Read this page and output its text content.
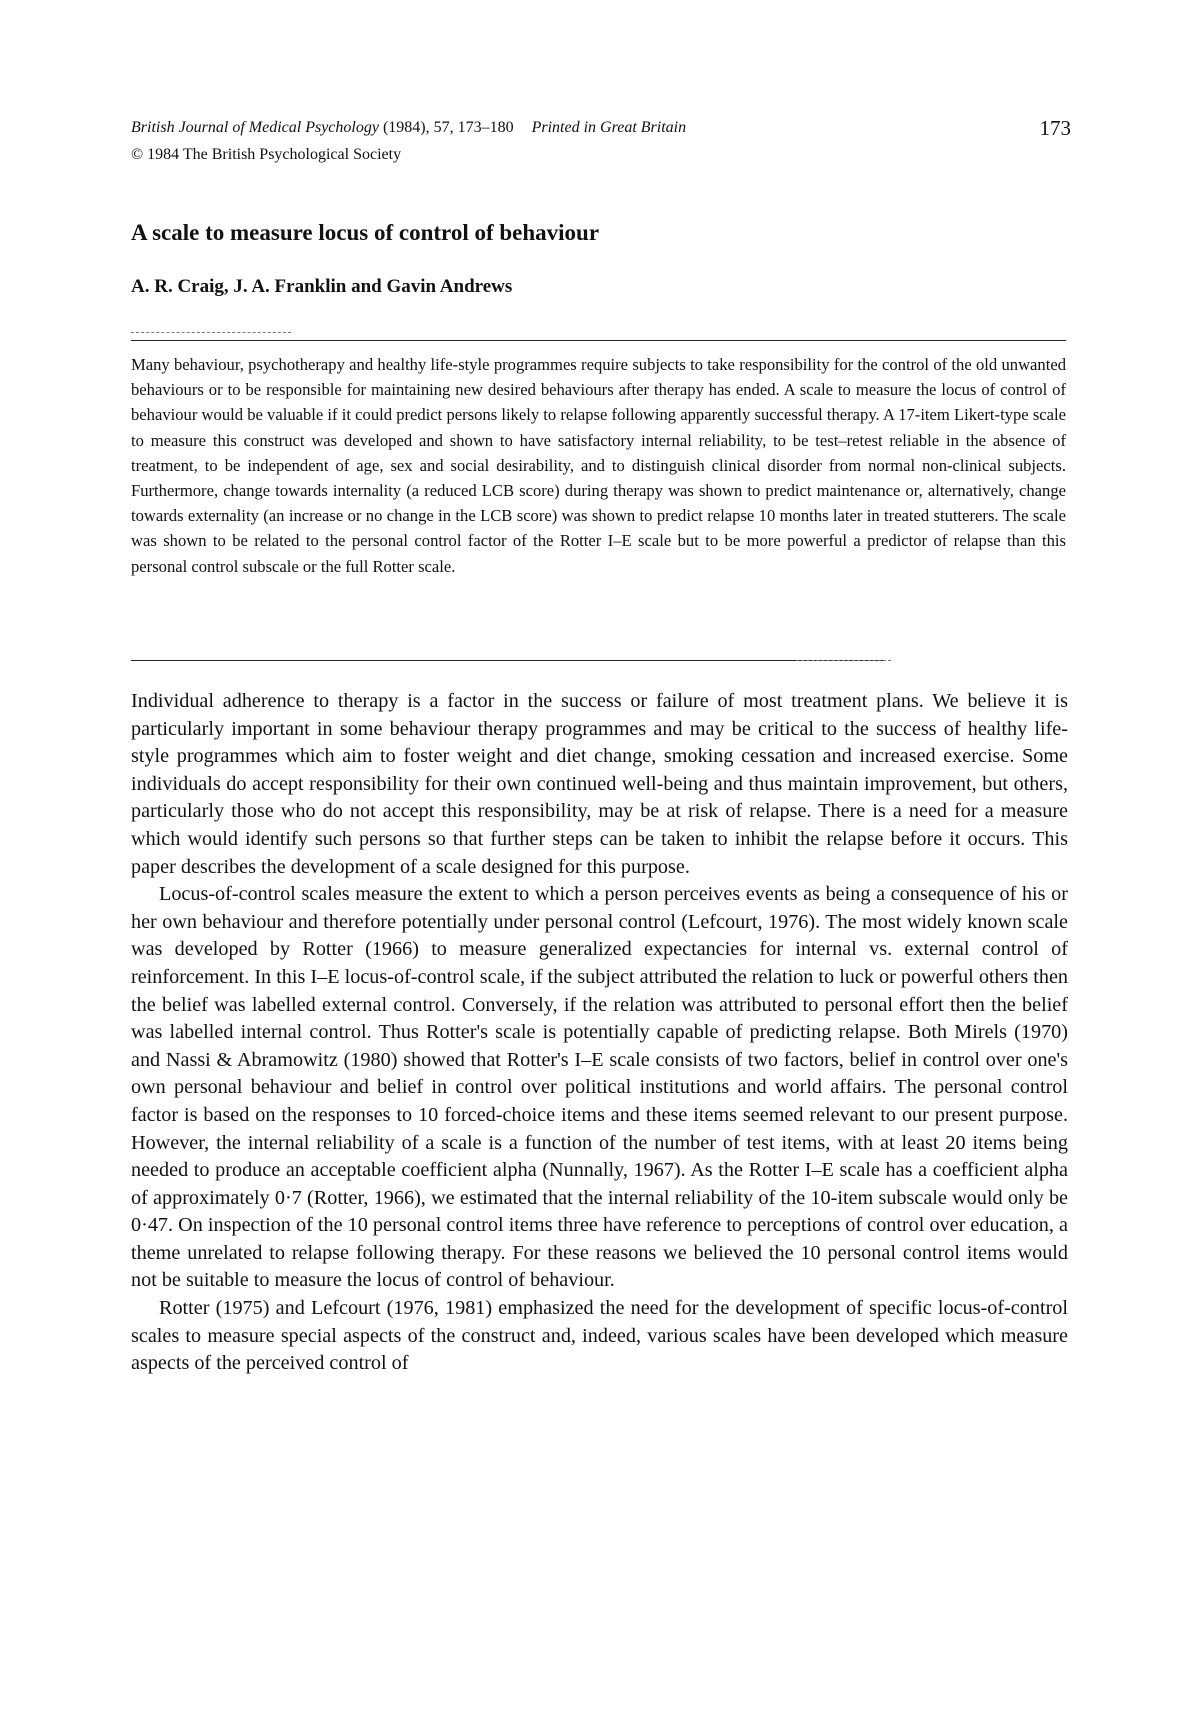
British Journal of Medical Psychology (1984), 57, 173–180 Printed in Great Britain	173
© 1984 The British Psychological Society
A scale to measure locus of control of behaviour
A. R. Craig, J. A. Franklin and Gavin Andrews
Many behaviour, psychotherapy and healthy life-style programmes require subjects to take responsibility for the control of the old unwanted behaviours or to be responsible for maintaining new desired behaviours after therapy has ended. A scale to measure the locus of control of behaviour would be valuable if it could predict persons likely to relapse following apparently successful therapy. A 17-item Likert-type scale to measure this construct was developed and shown to have satisfactory internal reliability, to be test–retest reliable in the absence of treatment, to be independent of age, sex and social desirability, and to distinguish clinical disorder from normal non-clinical subjects. Furthermore, change towards internality (a reduced LCB score) during therapy was shown to predict maintenance or, alternatively, change towards externality (an increase or no change in the LCB score) was shown to predict relapse 10 months later in treated stutterers. The scale was shown to be related to the personal control factor of the Rotter I–E scale but to be more powerful a predictor of relapse than this personal control subscale or the full Rotter scale.

Individual adherence to therapy is a factor in the success or failure of most treatment plans. We believe it is particularly important in some behaviour therapy programmes and may be critical to the success of healthy life-style programmes which aim to foster weight and diet change, smoking cessation and increased exercise. Some individuals do accept responsibility for their own continued well-being and thus maintain improvement, but others, particularly those who do not accept this responsibility, may be at risk of relapse. There is a need for a measure which would identify such persons so that further steps can be taken to inhibit the relapse before it occurs. This paper describes the development of a scale designed for this purpose.

Locus-of-control scales measure the extent to which a person perceives events as being a consequence of his or her own behaviour and therefore potentially under personal control (Lefcourt, 1976). The most widely known scale was developed by Rotter (1966) to measure generalized expectancies for internal vs. external control of reinforcement. In this I–E locus-of-control scale, if the subject attributed the relation to luck or powerful others then the belief was labelled external control. Conversely, if the relation was attributed to personal effort then the belief was labelled internal control. Thus Rotter's scale is potentially capable of predicting relapse. Both Mirels (1970) and Nassi & Abramowitz (1980) showed that Rotter's I–E scale consists of two factors, belief in control over one's own personal behaviour and belief in control over political institutions and world affairs. The personal control factor is based on the responses to 10 forced-choice items and these items seemed relevant to our present purpose. However, the internal reliability of a scale is a function of the number of test items, with at least 20 items being needed to produce an acceptable coefficient alpha (Nunnally, 1967). As the Rotter I–E scale has a coefficient alpha of approximately 0·7 (Rotter, 1966), we estimated that the internal reliability of the 10-item subscale would only be 0·47. On inspection of the 10 personal control items three have reference to perceptions of control over education, a theme unrelated to relapse following therapy. For these reasons we believed the 10 personal control items would not be suitable to measure the locus of control of behaviour.

Rotter (1975) and Lefcourt (1976, 1981) emphasized the need for the development of specific locus-of-control scales to measure special aspects of the construct and, indeed, various scales have been developed which measure aspects of the perceived control of
